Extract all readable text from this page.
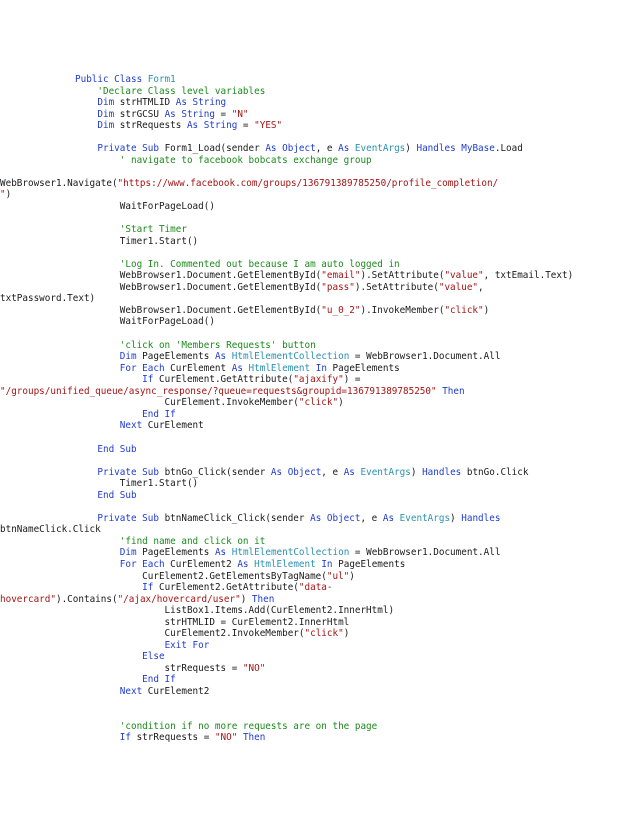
Public Class Form1
'Declare Class level variables
Dim strHTMLID As String
Dim strGCSU As String = "N"
Dim strRequests As String = "YES"
Private Sub Form1_Load(sender As Object, e As EventArgs) Handles MyBase.Load
' navigate to facebook bobcats exchange group
WebBrowser1.Navigate("https://www.facebook.com/groups/136791389785250/profile_completion/
")
WaitForPageLoad()
'Start Timer
Timer1.Start()
'Log In. Commented out because I am auto logged in
WebBrowser1.Document.GetElementById("email").SetAttribute("value", txtEmail.Text)
WebBrowser1.Document.GetElementById("pass").SetAttribute("value",
txtPassword.Text)
WebBrowser1.Document.GetElementById("u_0_2").InvokeMember("click")
WaitForPageLoad()
'click on 'Members Requests' button
Dim PageElements As HtmlElementCollection = WebBrowser1.Document.All
For Each CurElement As HtmlElement In PageElements
If CurElement.GetAttribute("ajaxify") =
"/groups/unified_queue/async_response/?queue=requests&groupid=136791389785250" Then
CurElement.InvokeMember("click")
End If
Next CurElement
End Sub
Private Sub btnGo_Click(sender As Object, e As EventArgs) Handles btnGo.Click
Timer1.Start()
End Sub
Private Sub btnNameClick_Click(sender As Object, e As EventArgs) Handles
btnNameClick.Click
'find name and click on it
Dim PageElements As HtmlElementCollection = WebBrowser1.Document.All
For Each CurElement2 As HtmlElement In PageElements
CurElement2.GetElementsByTagName("ul")
If CurElement2.GetAttribute("data-
hovercard").Contains("/ajax/hovercard/user") Then
ListBox1.Items.Add(CurElement2.InnerHtml)
strHTMLID = CurElement2.InnerHtml
CurElement2.InvokeMember("click")
Exit For
Else
strRequests = "NO"
End If
Next CurElement2
'condition if no more requests are on the page
If strRequests = "NO" Then
